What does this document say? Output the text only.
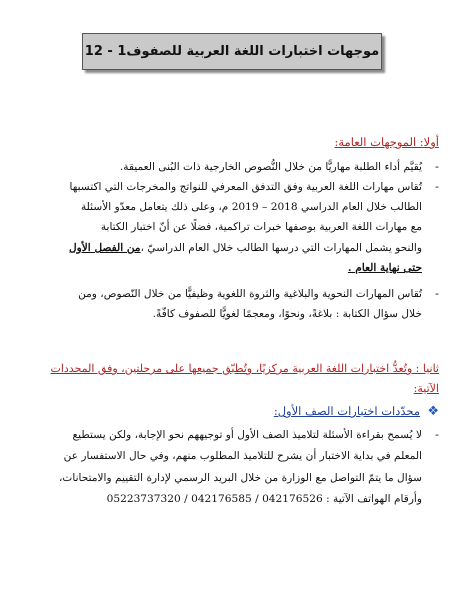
موجهات اختبارات اللغة العربية للصفوف1 - 12
أولا: الموجهات العامة:
-
يُقيَّم أداء الطلبة مهاريًّا من خلال النُّصوص الخارجية ذات البُنى العميقة.
-
تُقاس مهارات اللغة العربية وفق التدفق المعرفي للنواتج والمخرجات التي اكتسبها
الطالب خلال العام الدراسي 2018 – 2019 م، وعلى ذلك يتعامل معدّو الأسئلة
مع مهارات اللغة العربية بوصفها خبرات تراكمية، فضلًا عن أنّ اختبار الكتابة
والنحو يشمل المهارات التي درسها الطالب خلال العام الدراسيّ ،من الفصل الأول
حتى نهاية العام .
-
تُقاس المهارات النحوية والبلاغية والثروة اللغوية وظيفيًّا من خلال النّصوص، ومن
خلال سؤال الكتابة : بلاغةً، ونحوًا، ومعجمًا لغويًّا للصفوف كافّةً.
ثانيا : وتُعدُّ اختبارات اللغة العربية مركزيًا، وتُطبّق جميعها على مرحلتين، وفق المحددات
الآتية:
❖
محدّدات اختبارات الصف الأول:
-
لا يُسمح بقراءة الأسئلة لتلاميذ الصف الأول أو توجيههم نحو الإجابة، ولكن يستطيع
المعلم في بداية الاختبار أن يشرح للتلاميذ المطلوب منهم، وفي حال الاستفسار عن
سؤال ما يتمّ التواصل مع الوزارة من خلال البريد الرسمي لإدارة التقييم والامتحانات،
وأرقام الهواتف الآتية : 042176526 / 042176585 / 05223737320
